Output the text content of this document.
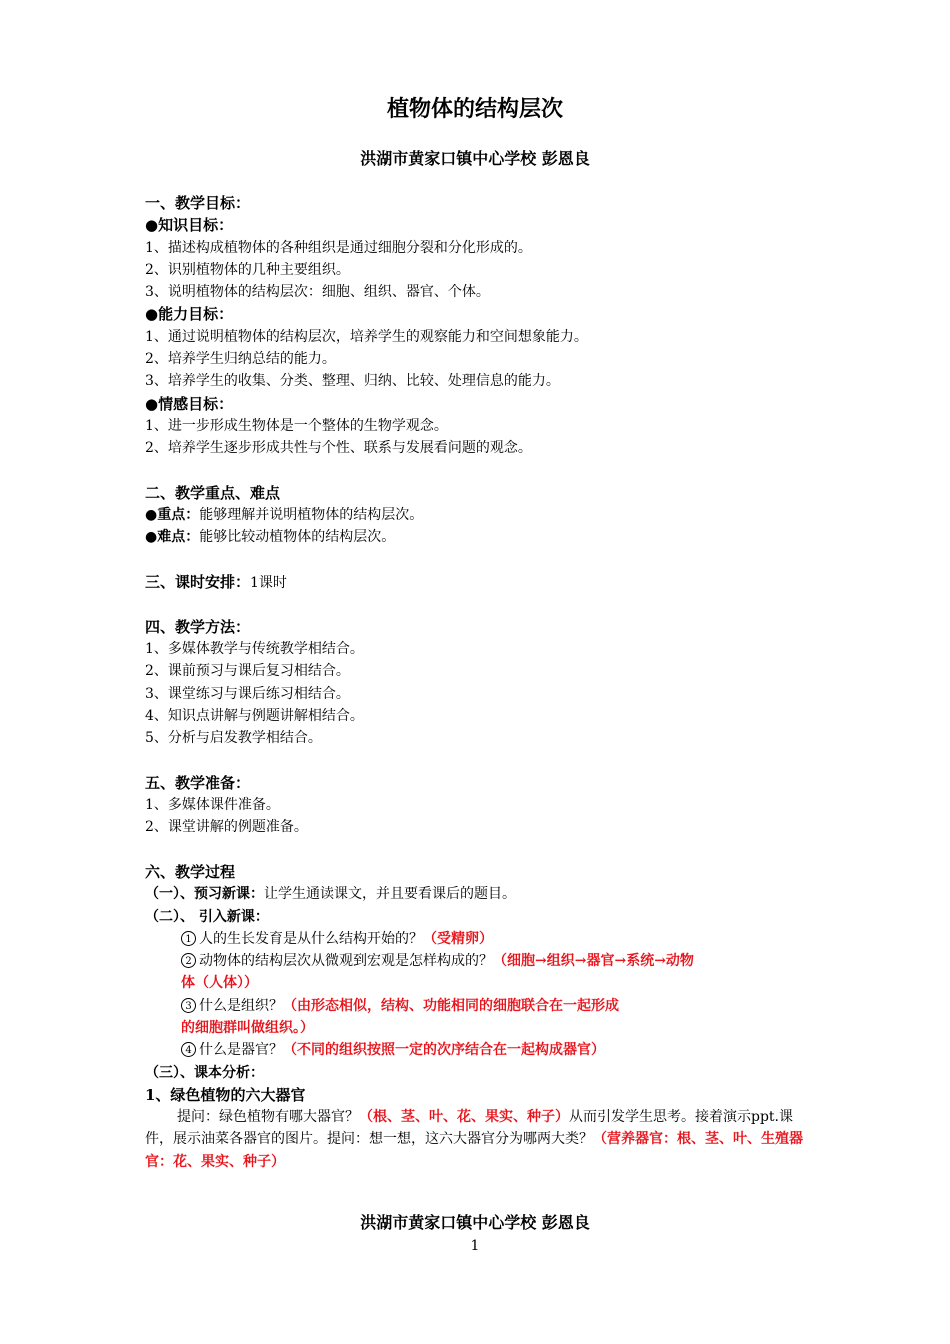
植物体的结构层次
洪湖市黄家口镇中心学校 彭恩良
一、教学目标：
●知识目标：
1、描述构成植物体的各种组织是通过细胞分裂和分化形成的。
2、识别植物体的几种主要组织。
3、说明植物体的结构层次：细胞、组织、器官、个体。
●能力目标：
1、通过说明植物体的结构层次，培养学生的观察能力和空间想象能力。
2、培养学生归纳总结的能力。
3、培养学生的收集、分类、整理、归纳、比较、处理信息的能力。
●情感目标：
1、进一步形成生物体是一个整体的生物学观念。
2、培养学生逐步形成共性与个性、联系与发展看问题的观念。
二、教学重点、难点
●重点：能够理解并说明植物体的结构层次。
●难点：能够比较动植物体的结构层次。
三、课时安排：1课时
四、教学方法：
1、多媒体教学与传统教学相结合。
2、课前预习与课后复习相结合。
3、课堂练习与课后练习相结合。
4、知识点讲解与例题讲解相结合。
5、分析与启发教学相结合。
五、教学准备：
1、多媒体课件准备。
2、课堂讲解的例题准备。
六、教学过程
（一）、预习新课：让学生通读课文，并且要看课后的题目。
（二）、 引入新课：
1 人的生长发育是从什么结构开始的？（受精卵）
2 动物体的结构层次从微观到宏观是怎样构成的？（细胞→组织→器官→系统→动物
体（人体））
3 什么是组织？（由形态相似，结构、功能相同的细胞联合在一起形成
的细胞群叫做组织。）
4 什么是器官？（不同的组织按照一定的次序结合在一起构成器官）
（三）、课本分析：
1、绿色植物的六大器官
提问：绿色植物有哪大器官？（根、茎、叶、花、果实、种子）从而引发学生思考。接着演示ppt.课件，展示油菜各器官的图片。提问：想一想，这六大器官分为哪两大类？（营养器官：根、茎、叶、生殖器官：花、果实、种子）
洪湖市黄家口镇中心学校 彭恩良
1
